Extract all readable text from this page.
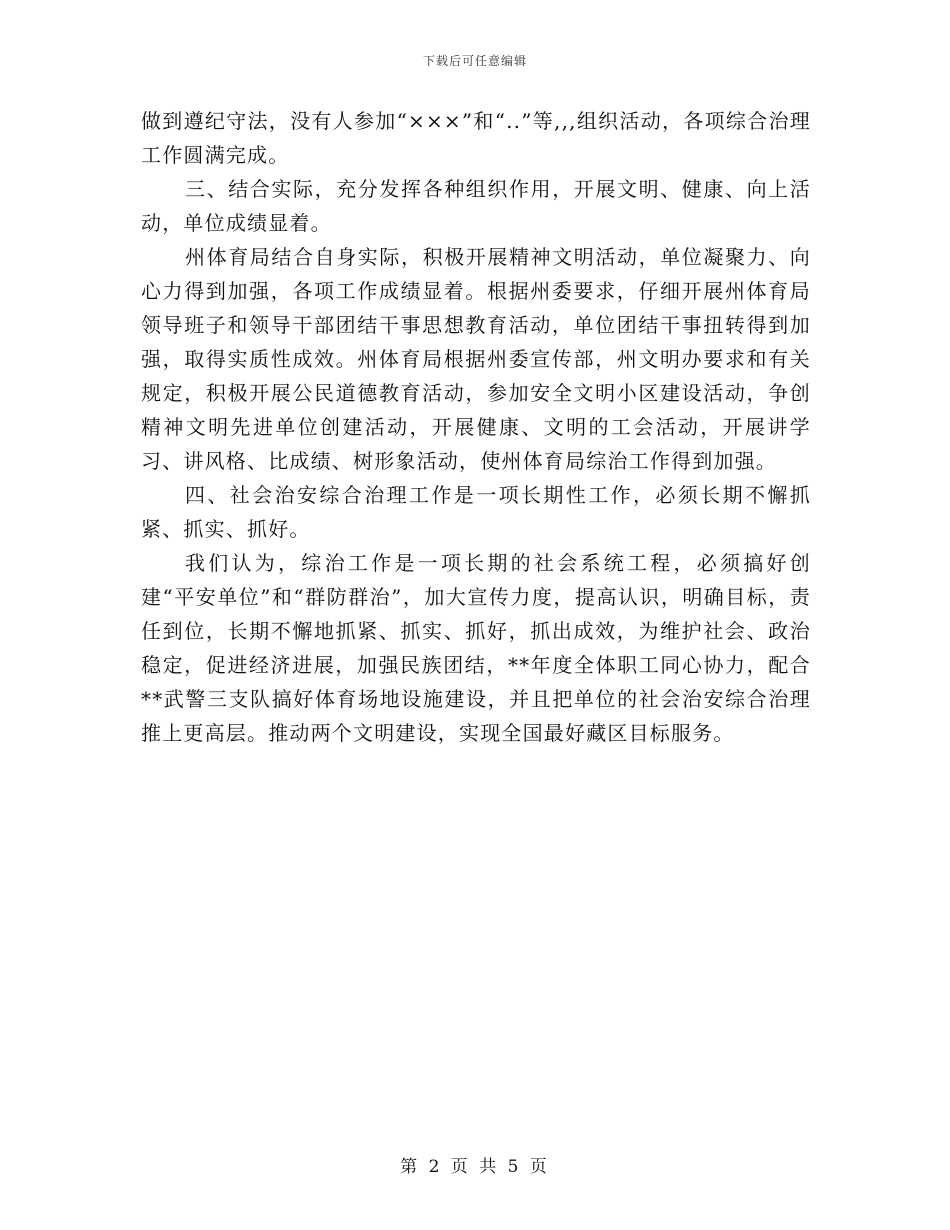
下载后可任意编辑

做到遵纪守法，没有人参加“×××”和“..”等,,,组织活动，各项综合治理工作圆满完成。

三、结合实际，充分发挥各种组织作用，开展文明、健康、向上活动，单位成绩显着。

州体育局结合自身实际，积极开展精神文明活动，单位凝聚力、向心力得到加强，各项工作成绩显着。根据州委要求，仔细开展州体育局领导班子和领导干部团结干事思想教育活动，单位团结干事扭转得到加强，取得实质性成效。州体育局根据州委宣传部，州文明办要求和有关规定，积极开展公民道德教育活动，参加安全文明小区建设活动，争创精神文明先进单位创建活动，开展健康、文明的工会活动，开展讲学习、讲风格、比成绩、树形象活动，使州体育局综治工作得到加强。

四、社会治安综合治理工作是一项长期性工作，必须长期不懈抓紧、抓实、抓好。

我们认为，综治工作是一项长期的社会系统工程，必须搞好创建“平安单位”和“群防群治”，加大宣传力度，提高认识，明确目标，责任到位，长期不懈地抓紧、抓实、抓好，抓出成效，为维护社会、政治稳定，促进经济进展，加强民族团结，**年度全体职工同心协力，配合**武警三支队搞好体育场地设施建设，并且把单位的社会治安综合治理推上更高层。推动两个文明建设，实现全国最好藏区目标服务。

第 2 页 共 5 页
